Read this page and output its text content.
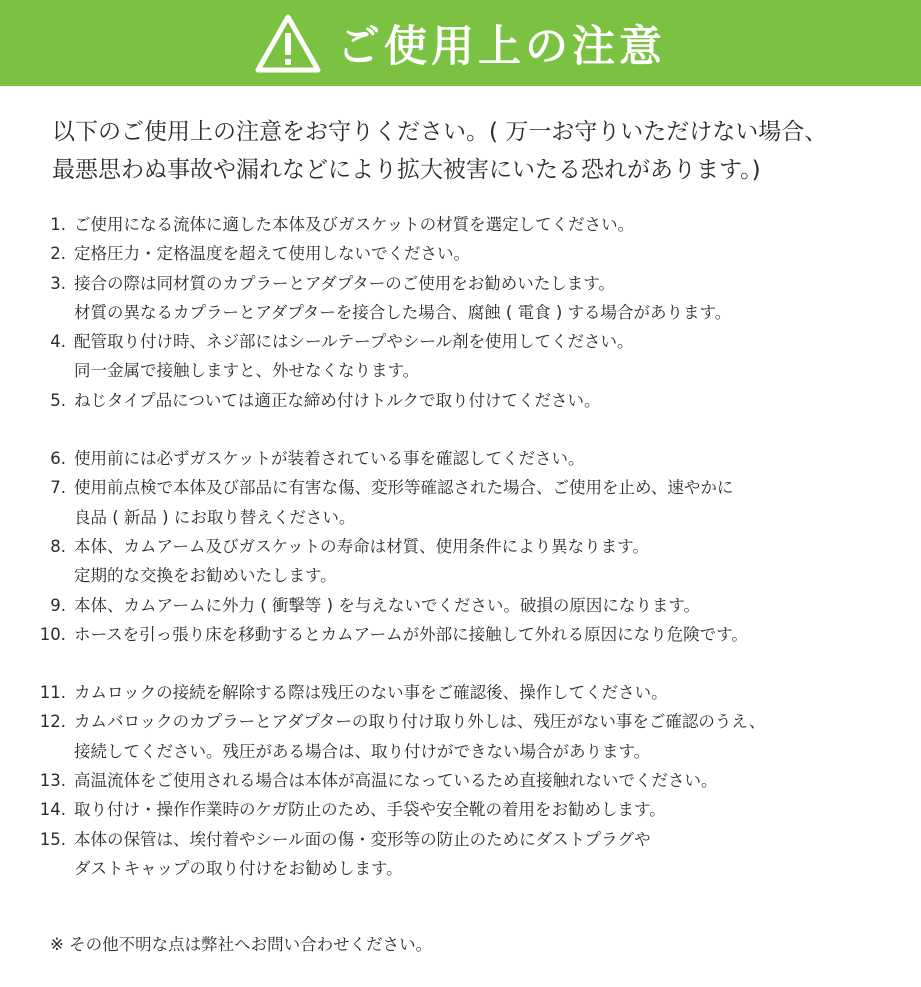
ご使用上の注意
以下のご使用上の注意をお守りください。( 万一お守りいただけない場合、
最悪思わぬ事故や漏れなどにより拡大被害にいたる恐れがあります。)
1. ご使用になる流体に適した本体及びガスケットの材質を選定してください。
2. 定格圧力・定格温度を超えて使用しないでください。
3. 接合の際は同材質のカプラーとアダプターのご使用をお勧めいたします。
材質の異なるカプラーとアダプターを接合した場合、腐蝕 ( 電食 ) する場合があります。
4. 配管取り付け時、ネジ部にはシールテープやシール剤を使用してください。
同一金属で接触しますと、外せなくなります。
5. ねじタイプ品については適正な締め付けトルクで取り付けてください。
6. 使用前には必ずガスケットが装着されている事を確認してください。
7. 使用前点検で本体及び部品に有害な傷、変形等確認された場合、ご使用を止め、速やかに
良品 ( 新品 ) にお取り替えください。
8. 本体、カムアーム及びガスケットの寿命は材質、使用条件により異なります。
定期的な交換をお勧めいたします。
9. 本体、カムアームに外力 ( 衝撃等 ) を与えないでください。破損の原因になります。
10. ホースを引っ張り床を移動するとカムアームが外部に接触して外れる原因になり危険です。
11. カムロックの接続を解除する際は残圧のない事をご確認後、操作してください。
12. カムバロックのカプラーとアダプターの取り付け取り外しは、残圧がない事をご確認のうえ、
接続してください。残圧がある場合は、取り付けができない場合があります。
13. 高温流体をご使用される場合は本体が高温になっているため直接触れないでください。
14. 取り付け・操作作業時のケガ防止のため、手袋や安全靴の着用をお勧めします。
15. 本体の保管は、埃付着やシール面の傷・変形等の防止のためにダストプラグや
ダストキャップの取り付けをお勧めします。
※ その他不明な点は弊社へお問い合わせください。
